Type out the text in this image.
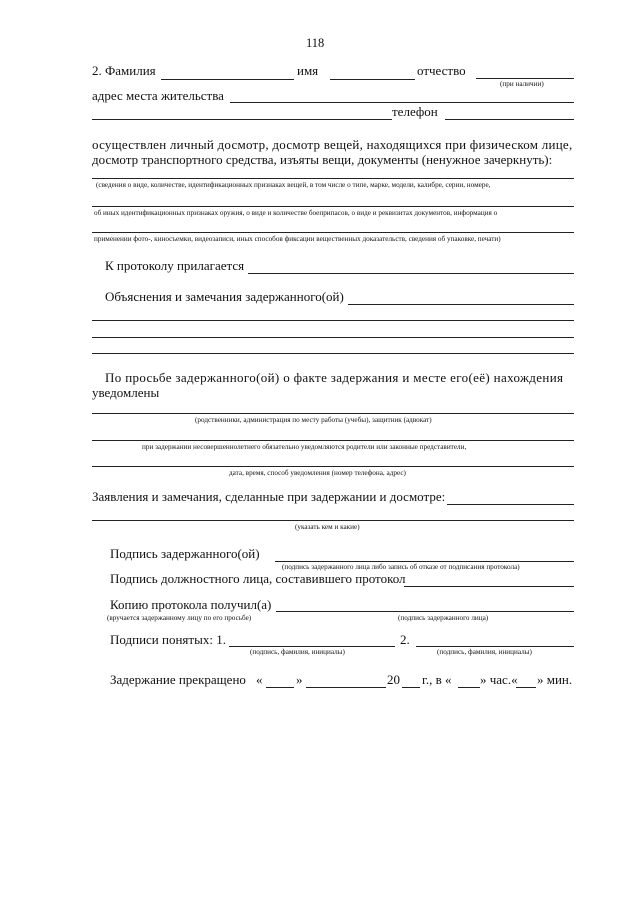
118
2. Фамилия	имя	отчество
(при наличии)
адрес места жительства
телефон
осуществлен личный досмотр, досмотр вещей, находящихся при физическом лице,
досмотр транспортного средства, изъяты вещи, документы (ненужное зачеркнуть):
(сведения о виде, количестве, идентификационных признаках вещей, в том числе о типе, марке, модели, калибре, серии, номере,
об иных идентификационных признаках оружия, о виде и количестве боеприпасов, о виде и реквизитах документов, информация о
применении фото-, киносъемки, видеозаписи, иных способов фиксации вещественных доказательств, сведения об упаковке, печати)
К протоколу прилагается
Объяснения и замечания задержанного(ой)
По просьбе задержанного(ой) о факте задержания и месте его(её) нахождения
уведомлены
(родственники, администрация по месту работы (учебы), защитник (адвокат)
при задержании несовершеннолетнего обязательно уведомляются родители или законные представители,
дата, время, способ уведомления (номер телефона, адрес)
Заявления и замечания, сделанные при задержании и досмотре:
(указать кем и какие)
Подпись задержанного(ой)
(подпись задержанного лица либо запись об отказе от подписания протокола)
Подпись должностного лица, составившего протокол
Копию протокола получил(а)
(вручается задержанному лицу по его просьбе)	(подпись задержанного лица)
Подписи понятых: 1.
(подпись, фамилия, инициалы)
2.
(подпись, фамилия, инициалы)
Задержание прекращено «	»	20 г., в « » час.« » мин.
